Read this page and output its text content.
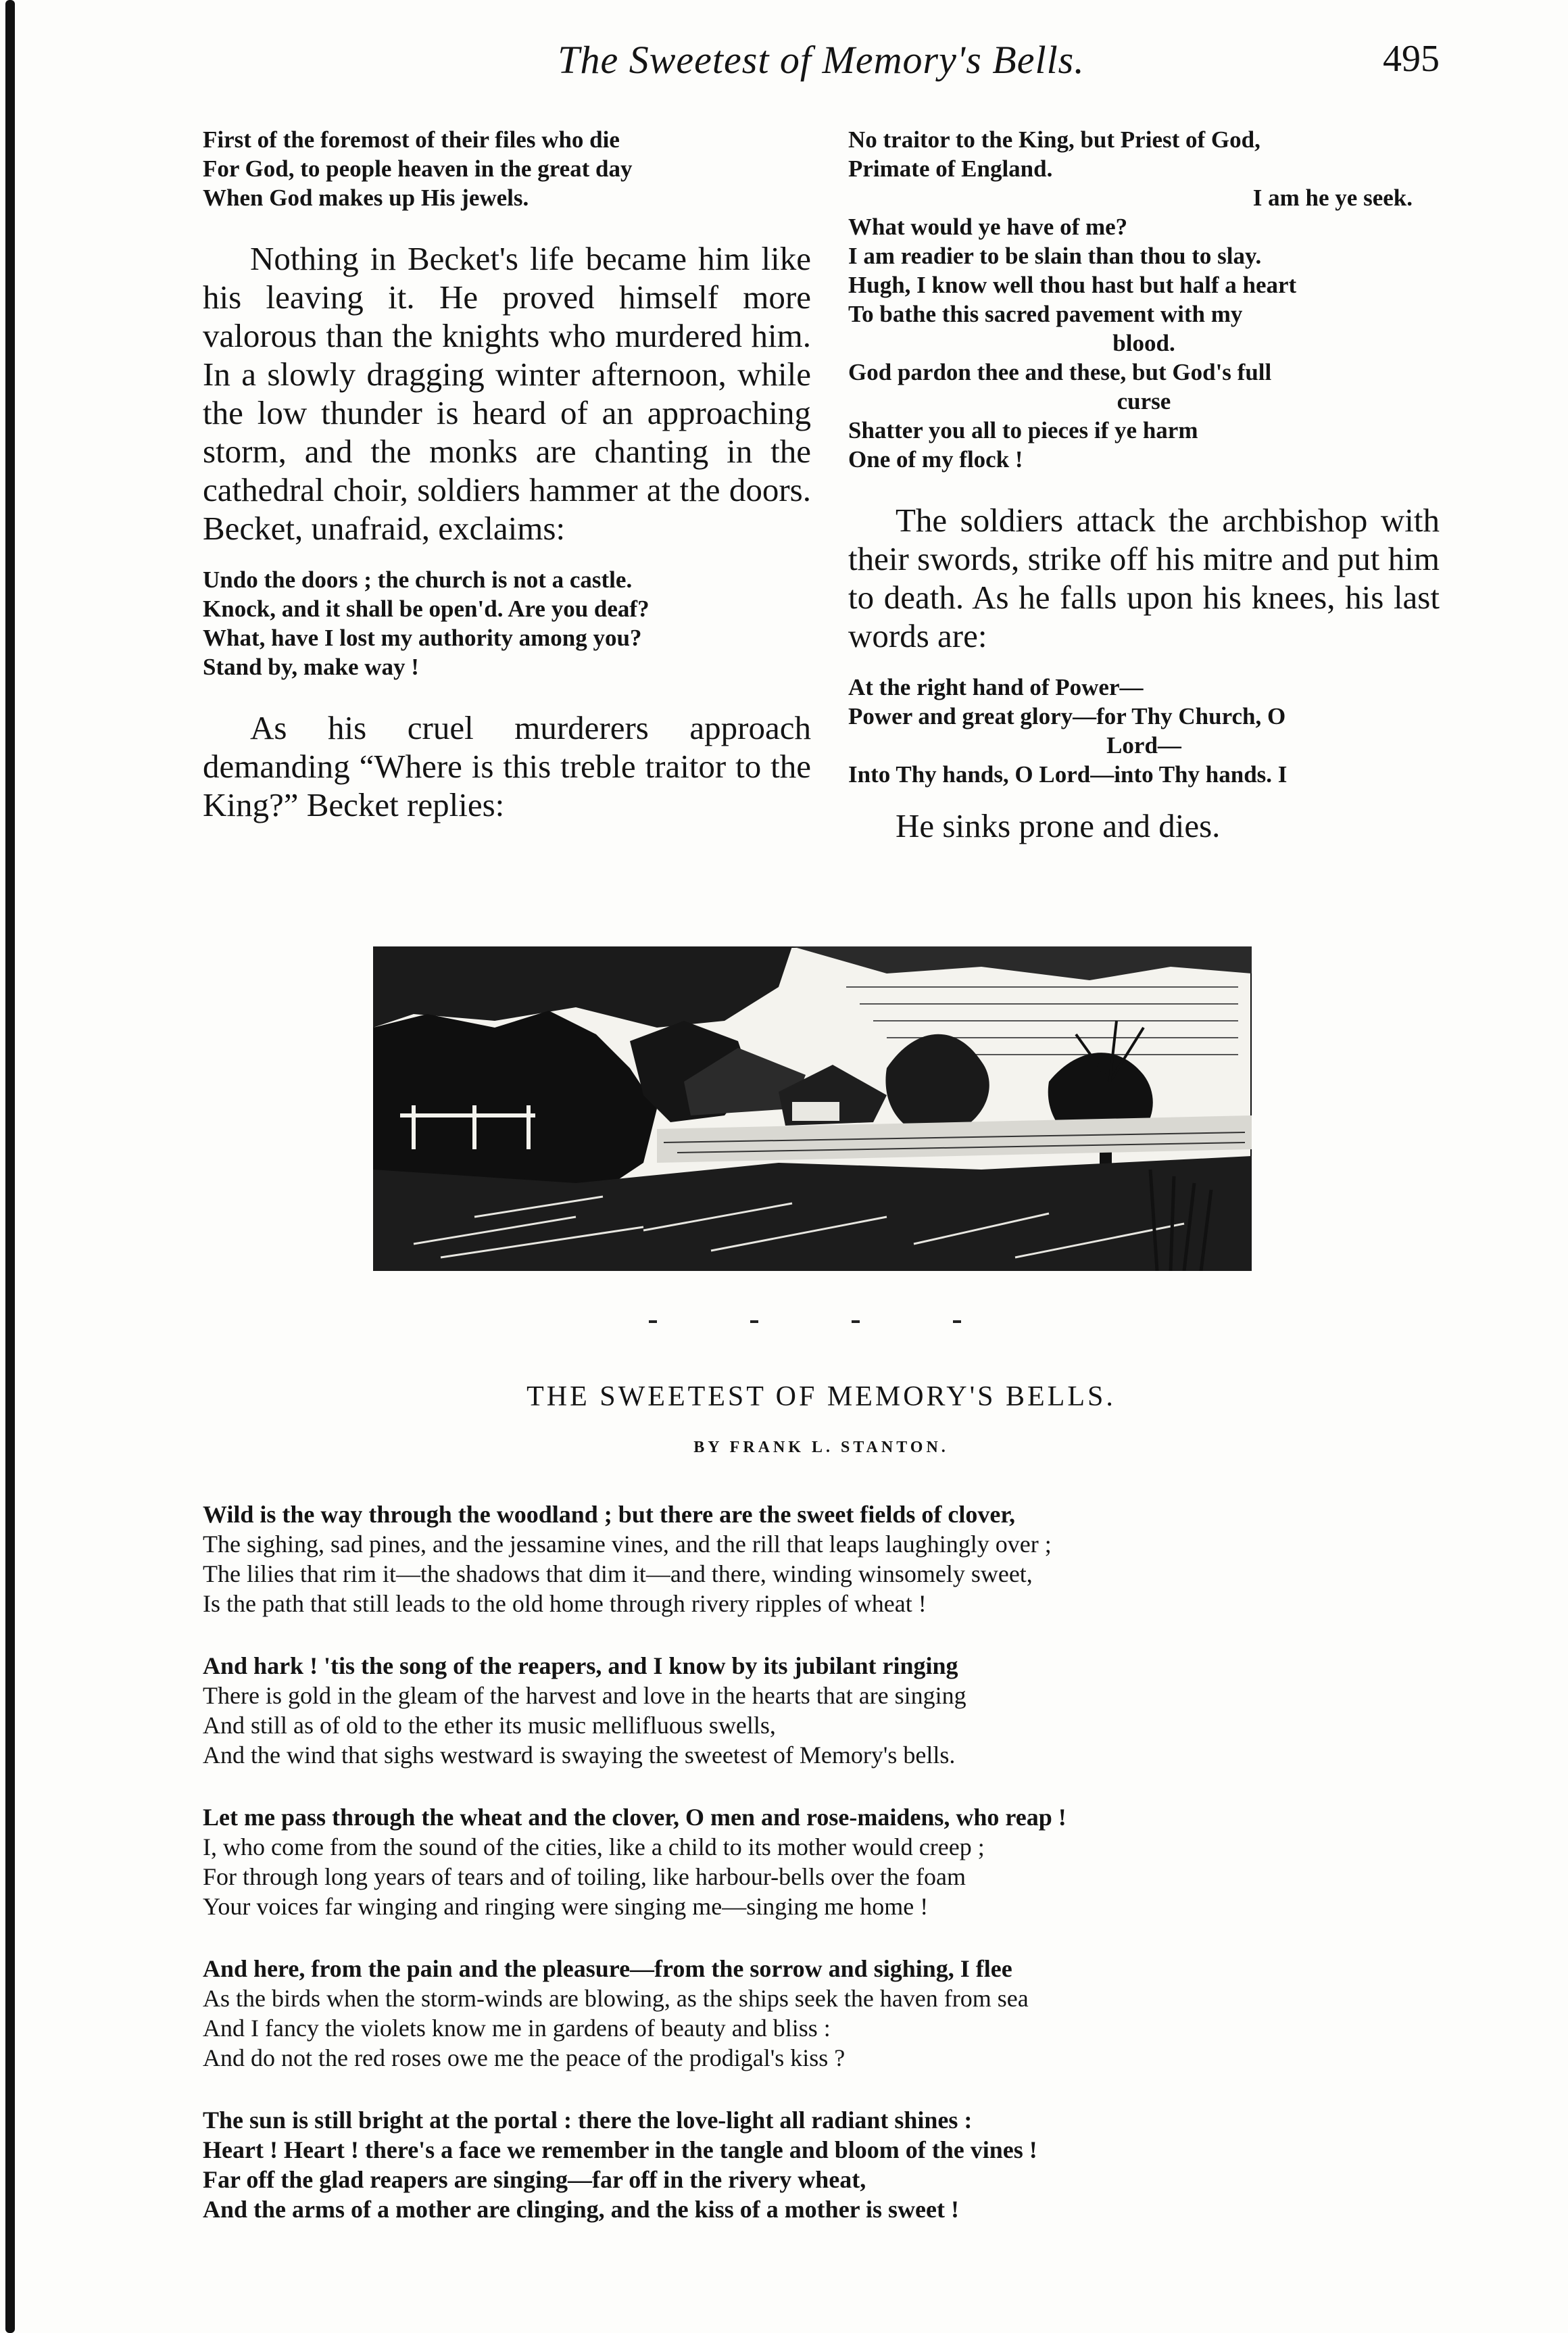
The Sweetest of Memory's Bells.	495
First of the foremost of their files who die
For God, to people heaven in the great day
When God makes up His jewels.

Nothing in Becket's life became him like his leaving it. He proved himself more valorous than the knights who murdered him. In a slowly dragging winter afternoon, while the low thunder is heard of an approaching storm, and the monks are chanting in the cathedral choir, soldiers hammer at the doors. Becket, unafraid, exclaims:

Undo the doors ; the church is not a castle.
Knock, and it shall be open'd. Are you deaf?
What, have I lost my authority among you?
Stand by, make way !

As his cruel murderers approach demanding “Where is this treble traitor to the King?” Becket replies:

No traitor to the King, but Priest of God,
Primate of England.
I am he ye seek.
What would ye have of me?
I am readier to be slain than thou to slay.
Hugh, I know well thou hast but half a heart
To bathe this sacred pavement with my
blood.
God pardon thee and these, but God's full
curse
Shatter you all to pieces if ye harm
One of my flock !

The soldiers attack the archbishop with their swords, strike off his mitre and put him to death. As he falls upon his knees, his last words are:

At the right hand of Power—
Power and great glory—for Thy Church, O
Lord—
Into Thy hands, O Lord—into Thy hands. I

He sinks prone and dies.

THE SWEETEST OF MEMORY'S BELLS.
BY FRANK L. STANTON.
Wild is the way through the woodland ; but there are the sweet fields of clover,
The sighing, sad pines, and the jessamine vines, and the rill that leaps laughingly over ;
The lilies that rim it—the shadows that dim it—and there, winding winsomely sweet,
Is the path that still leads to the old home through rivery ripples of wheat !
And hark ! 'tis the song of the reapers, and I know by its jubilant ringing
There is gold in the gleam of the harvest and love in the hearts that are singing
And still as of old to the ether its music mellifluous swells,
And the wind that sighs westward is swaying the sweetest of Memory's bells.
Let me pass through the wheat and the clover, O men and rose-maidens, who reap !
I, who come from the sound of the cities, like a child to its mother would creep ;
For through long years of tears and of toiling, like harbour-bells over the foam
Your voices far winging and ringing were singing me—singing me home !
And here, from the pain and the pleasure—from the sorrow and sighing, I flee
As the birds when the storm-winds are blowing, as the ships seek the haven from sea
And I fancy the violets know me in gardens of beauty and bliss :
And do not the red roses owe me the peace of the prodigal's kiss ?
The sun is still bright at the portal : there the love-light all radiant shines :
Heart ! Heart ! there's a face we remember in the tangle and bloom of the vines !
Far off the glad reapers are singing—far off in the rivery wheat,
And the arms of a mother are clinging, and the kiss of a mother is sweet !
